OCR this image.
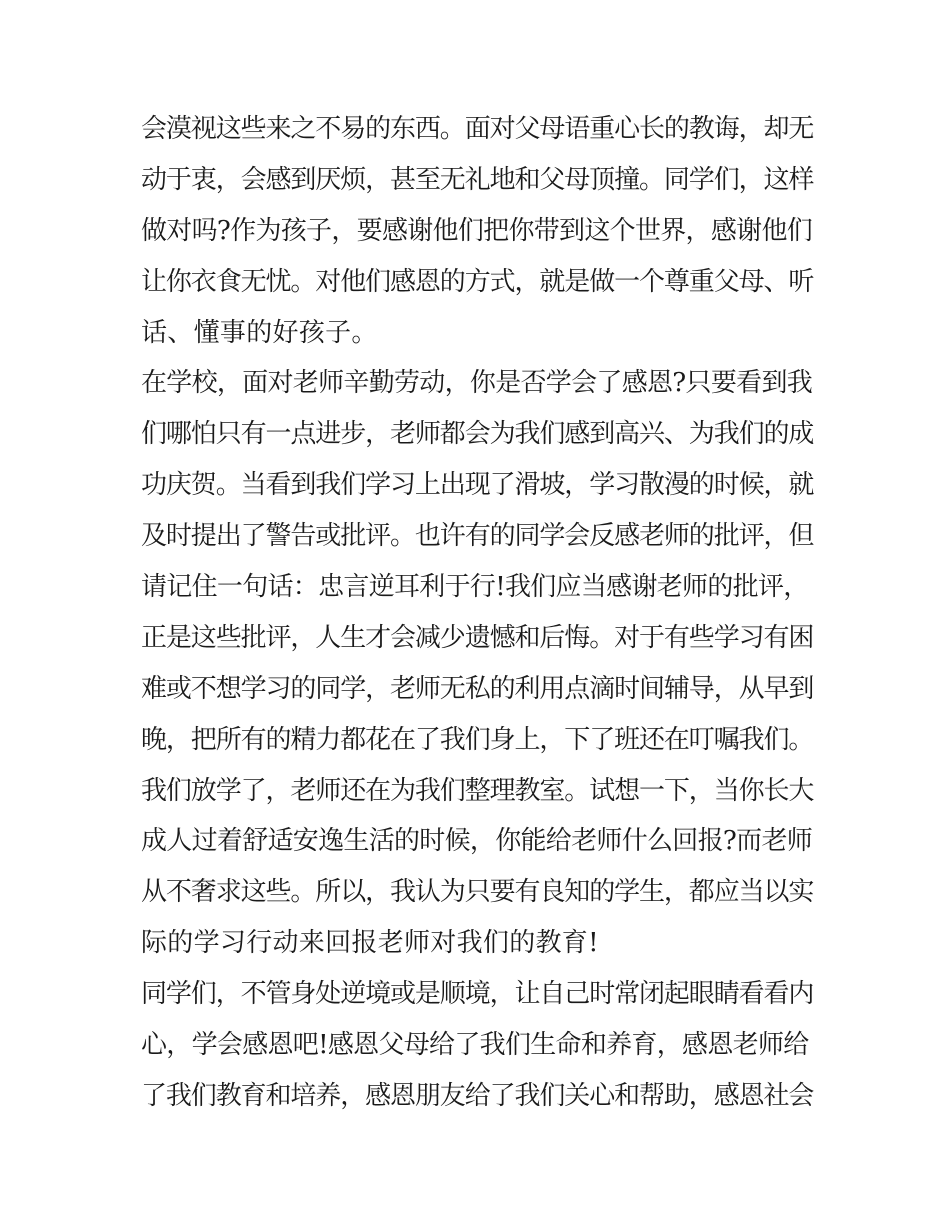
会漠视这些来之不易的东西。面对父母语重心长的教诲，却无
动于衷，会感到厌烦，甚至无礼地和父母顶撞。同学们，这样
做对吗?作为孩子，要感谢他们把你带到这个世界，感谢他们
让你衣食无忧。对他们感恩的方式，就是做一个尊重父母、听
话、懂事的好孩子。
在学校，面对老师辛勤劳动，你是否学会了感恩?只要看到我
们哪怕只有一点进步，老师都会为我们感到高兴、为我们的成
功庆贺。当看到我们学习上出现了滑坡，学习散漫的时候，就
及时提出了警告或批评。也许有的同学会反感老师的批评，但
请记住一句话：忠言逆耳利于行!我们应当感谢老师的批评，
正是这些批评，人生才会减少遗憾和后悔。对于有些学习有困
难或不想学习的同学，老师无私的利用点滴时间辅导，从早到
晚，把所有的精力都花在了我们身上，下了班还在叮嘱我们。
我们放学了，老师还在为我们整理教室。试想一下，当你长大
成人过着舒适安逸生活的时候，你能给老师什么回报?而老师
从不奢求这些。所以，我认为只要有良知的学生，都应当以实
际的学习行动来回报老师对我们的教育!
同学们，不管身处逆境或是顺境，让自己时常闭起眼睛看看内
心，学会感恩吧!感恩父母给了我们生命和养育，感恩老师给
了我们教育和培养，感恩朋友给了我们关心和帮助，感恩社会
